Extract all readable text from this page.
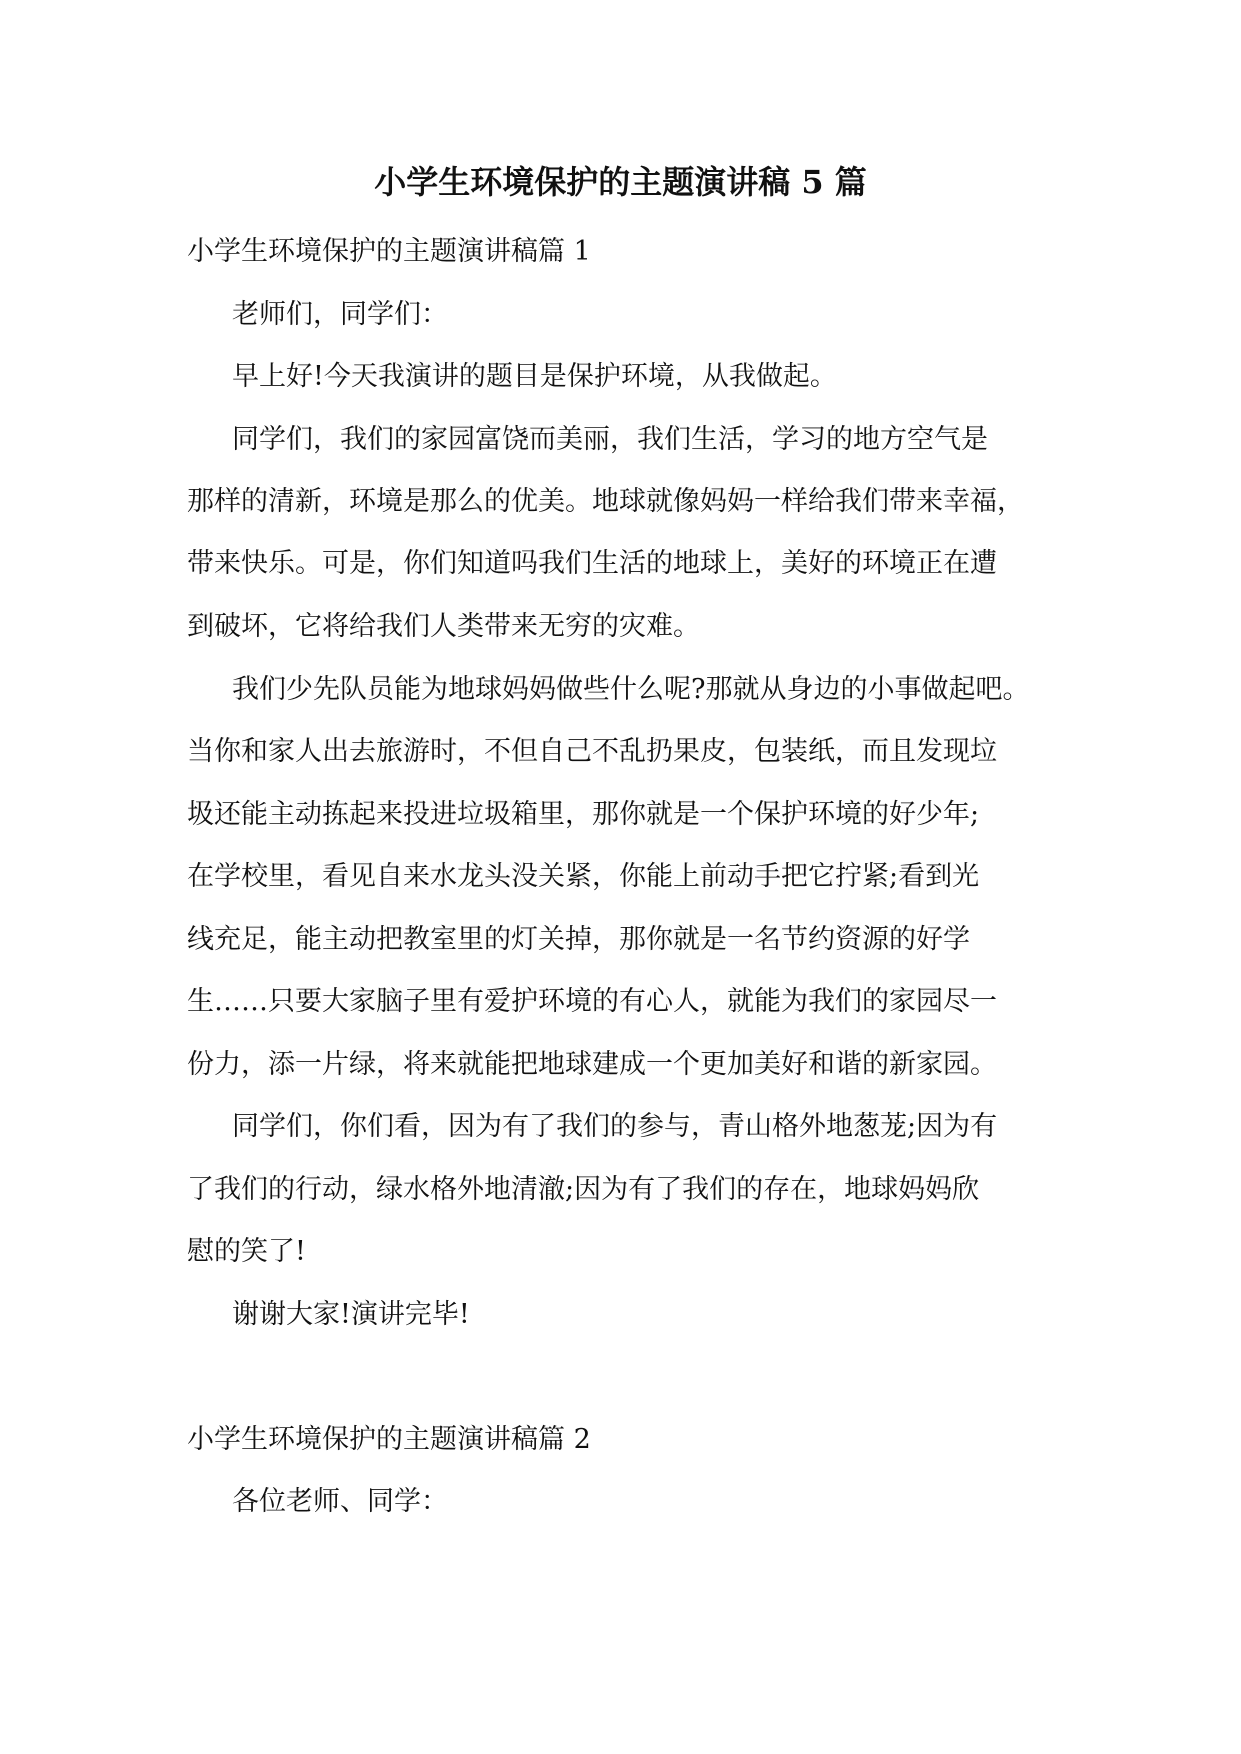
小学生环境保护的主题演讲稿 5 篇

小学生环境保护的主题演讲稿篇 1

老师们，同学们：

早上好!今天我演讲的题目是保护环境，从我做起。

同学们，我们的家园富饶而美丽，我们生活，学习的地方空气是

那样的清新，环境是那么的优美。地球就像妈妈一样给我们带来幸福，

带来快乐。可是，你们知道吗我们生活的地球上，美好的环境正在遭

到破坏，它将给我们人类带来无穷的灾难。

我们少先队员能为地球妈妈做些什么呢?那就从身边的小事做起吧。

当你和家人出去旅游时，不但自己不乱扔果皮，包装纸，而且发现垃

圾还能主动拣起来投进垃圾箱里，那你就是一个保护环境的好少年;

在学校里，看见自来水龙头没关紧，你能上前动手把它拧紧;看到光

线充足，能主动把教室里的灯关掉，那你就是一名节约资源的好学

生……只要大家脑子里有爱护环境的有心人，就能为我们的家园尽一

份力，添一片绿，将来就能把地球建成一个更加美好和谐的新家园。

同学们，你们看，因为有了我们的参与，青山格外地葱茏;因为有

了我们的行动，绿水格外地清澈;因为有了我们的存在，地球妈妈欣

慰的笑了!

谢谢大家!演讲完毕!

小学生环境保护的主题演讲稿篇 2

各位老师、同学：
